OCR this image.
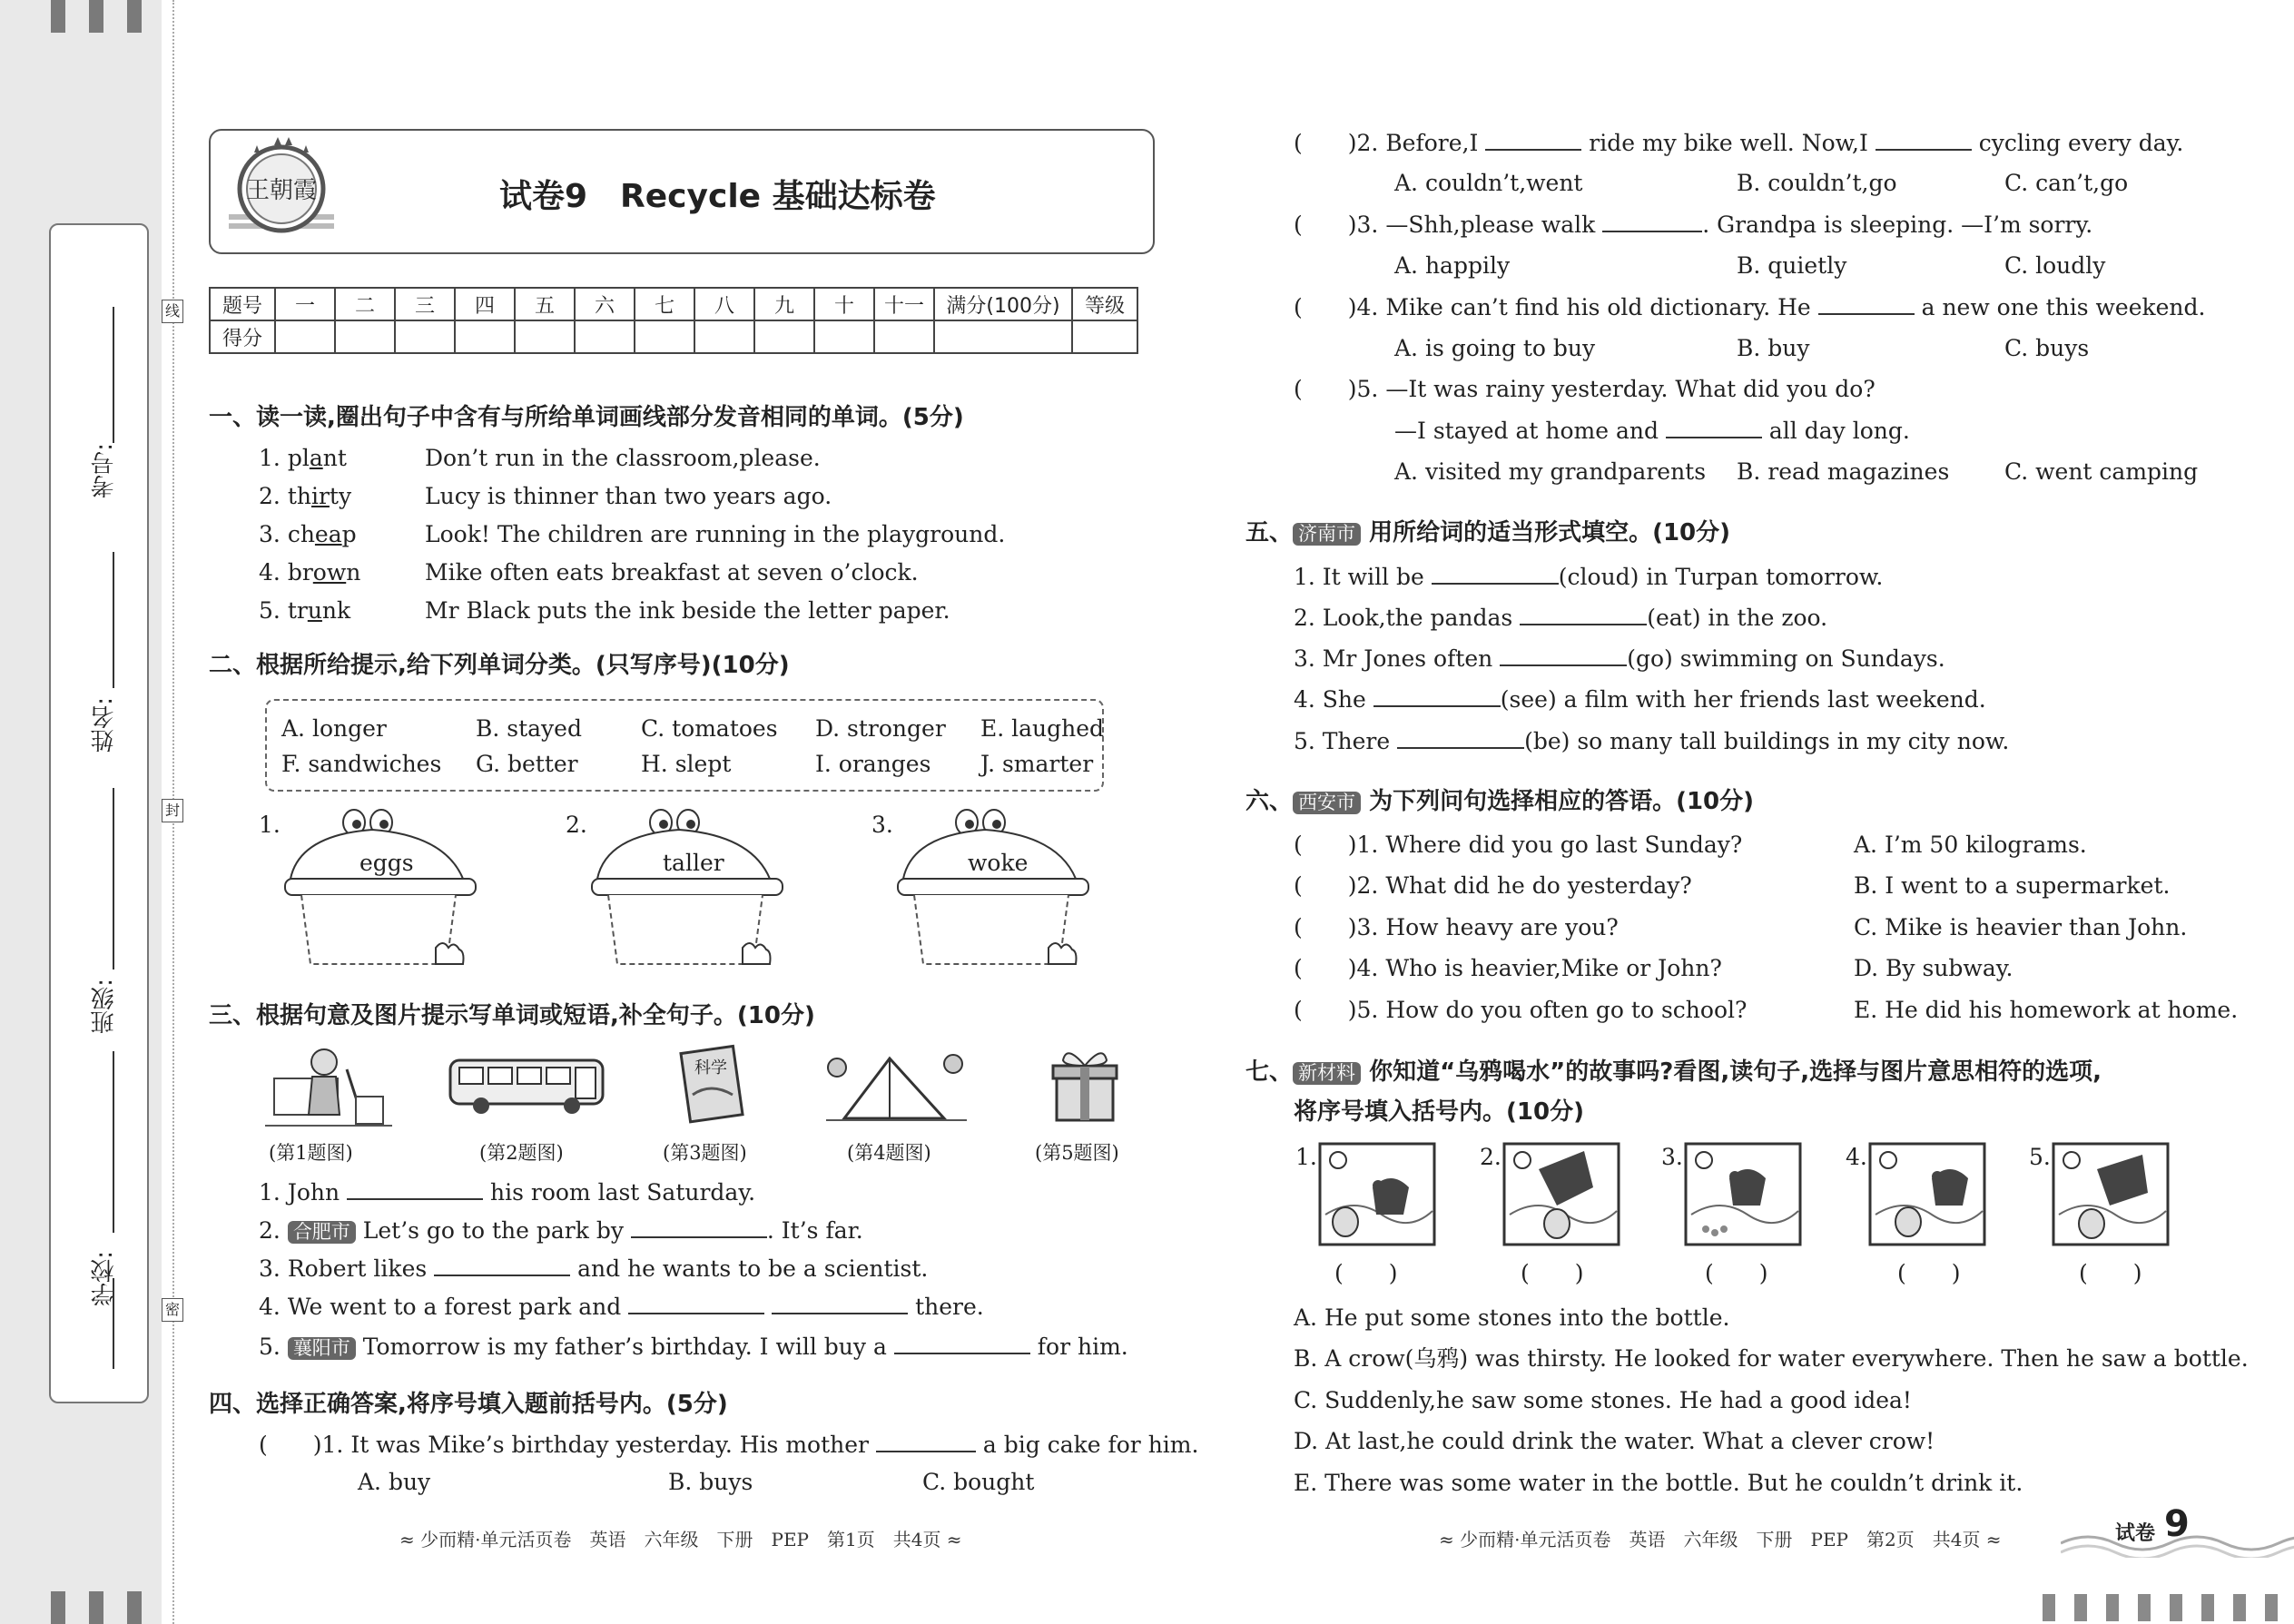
考号:
姓名:
班级:
学校:
线
封
密
王朝霞	试卷9　Recycle 基础达标卷
题号	一	二	三	四	五	六	七	八	九	十	十一	满分(100分)	等级
得分													
一、读一读,圈出句子中含有与所给单词画线部分发音相同的单词。(5分)
1. plant	Don’t run in the classroom,please.
2. thirty	Lucy is thinner than two years ago.
3. cheap	Look! The children are running in the playground.
4. brown	Mike often eats breakfast at seven o’clock.
5. trunk	Mr Black puts the ink beside the letter paper.
二、根据所给提示,给下列单词分类。(只写序号)(10分)
A. longer	B. stayed	C. tomatoes D. stronger E. laughed
F. sandwiches G. better	H. slept	I. oranges J. smarter
1.
eggs
2.
taller
3.
woke
三、根据句意及图片提示写单词或短语,补全句子。(10分)
科学
(第1题图)	(第2题图)	(第3题图)	(第4题图)	(第5题图)
1. John	his room last Saturday.
2. 合肥市 Let’s go to the park by	. It’s far.
3. Robert likes	and he wants to be a scientist.
4. We went to a forest park and	there.
5. 襄阳市 Tomorrow is my father’s birthday. I will buy a	for him.
四、选择正确答案,将序号填入题前括号内。(5分)
(　　)1. It was Mike’s birthday yesterday. His mother	a big cake for him.
A. buy	B. buys	C. bought
≈ 少而精·单元活页卷　英语　六年级　下册　PEP　第1页　共4页 ≈
(　　)2. Before,I	ride my bike well. Now,I	cycling every day.
A. couldn’t,went	B. couldn’t,go	C. can’t,go
(　　)3. —Shh,please walk	. Grandpa is sleeping. —I’m sorry.
A. happily	B. quietly	C. loudly
(　　)4. Mike can’t find his old dictionary. He	a new one this weekend.
A. is going to buy	B. buy	C. buys
(　　)5. —It was rainy yesterday. What did you do?
—I stayed at home and	all day long.
A. visited my grandparents B. read magazines C. went camping
五、 济南市 用所给词的适当形式填空。(10分)
1. It will be	(cloud) in Turpan tomorrow.
2. Look,the pandas	(eat) in the zoo.
3. Mr Jones often	(go) swimming on Sundays.
4. She	(see) a film with her friends last weekend.
5. There	(be) so many tall buildings in my city now.
六、 西安市 为下列问句选择相应的答语。(10分)
(　　)1. Where did you go last Sunday?
(　　)2. What did he do yesterday?
(　　)3. How heavy are you?
(　　)4. Who is heavier,Mike or John?
(　　)5. How do you often go to school?
A. I’m 50 kilograms.
B. I went to a supermarket.
C. Mike is heavier than John.
D. By subway.
E. He did his homework at home.
七、 新材料 你知道“乌鸦喝水”的故事吗?看图,读句子,选择与图片意思相符的选项,
将序号填入括号内。(10分)
1.	2.	3.	4.	5.
(　　)	(　　)	(　　)	(　　)	(　　)
A. He put some stones into the bottle.
B. A crow(乌鸦) was thirsty. He looked for water everywhere. Then he saw a bottle.
C. Suddenly,he saw some stones. He had a good idea!
D. At last,he could drink the water. What a clever crow!
E. There was some water in the bottle. But he couldn’t drink it.
≈ 少而精·单元活页卷　英语　六年级　下册　PEP　第2页　共4页 ≈	试卷 9
